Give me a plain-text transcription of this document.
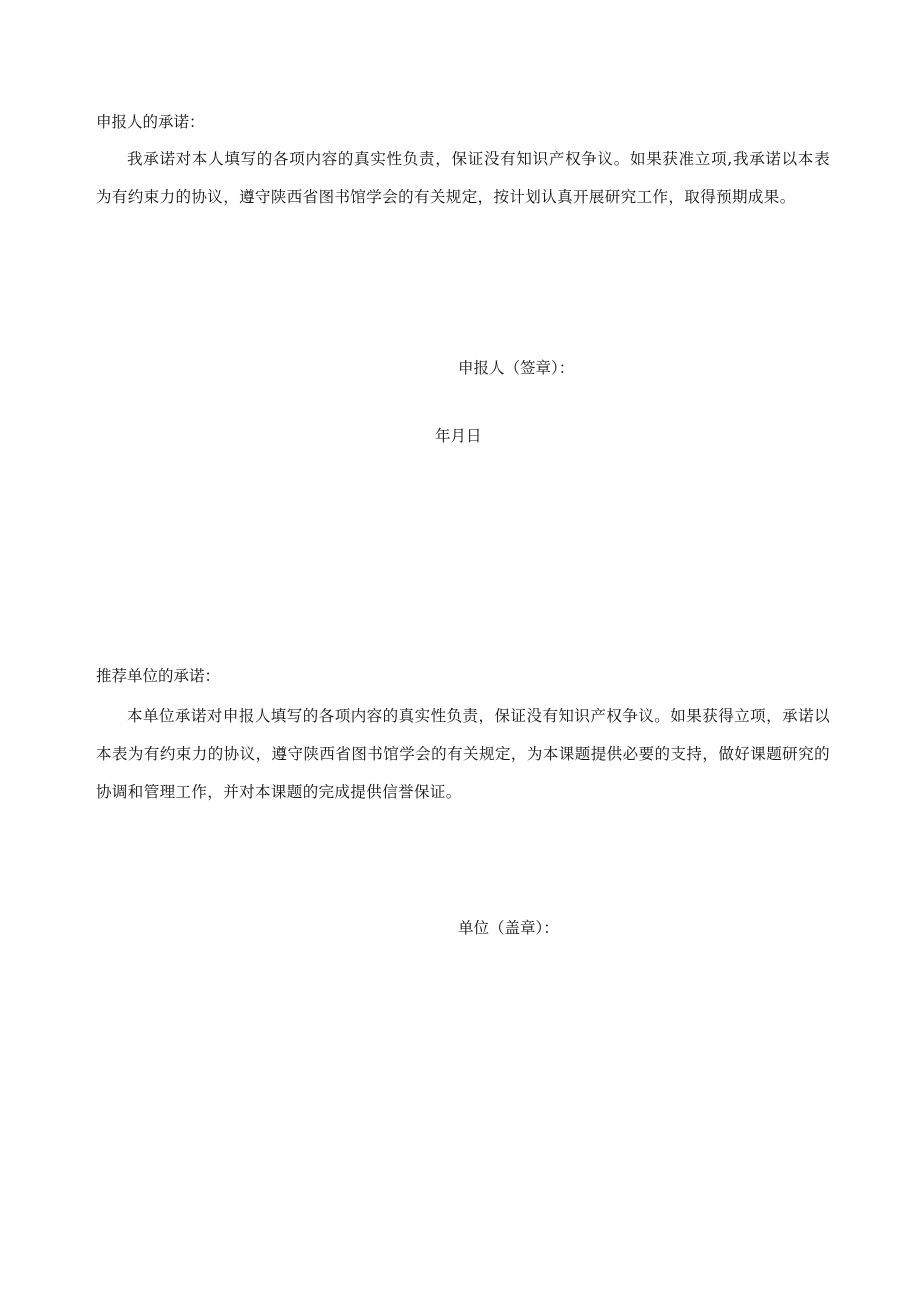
申报人的承诺：
我承诺对本人填写的各项内容的真实性负责，保证没有知识产权争议。如果获准立项,我承诺以本表为有约束力的协议，遵守陕西省图书馆学会的有关规定，按计划认真开展研究工作，取得预期成果。
申报人（签章）：
年月日
推荐单位的承诺：
本单位承诺对申报人填写的各项内容的真实性负责，保证没有知识产权争议。如果获得立项，承诺以本表为有约束力的协议，遵守陕西省图书馆学会的有关规定，为本课题提供必要的支持，做好课题研究的协调和管理工作，并对本课题的完成提供信誉保证。
单位（盖章）：
